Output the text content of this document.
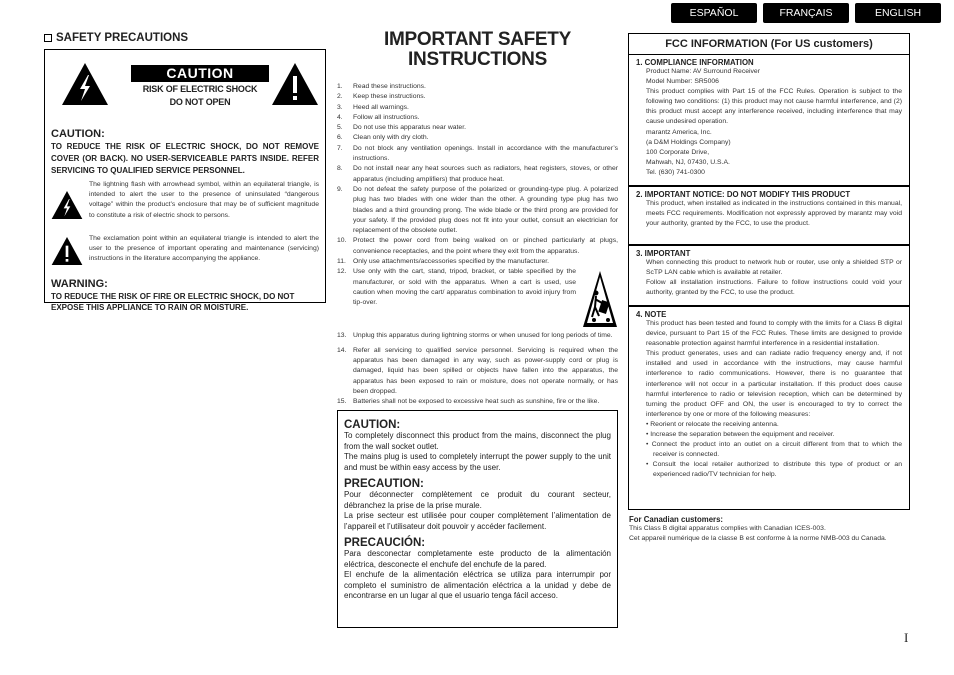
ESPAÑOL	FRANÇAIS	ENGLISH
SAFETY PRECAUTIONS
CAUTION
RISK OF ELECTRIC SHOCK
DO NOT OPEN
CAUTION:
TO REDUCE THE RISK OF ELECTRIC SHOCK, DO NOT REMOVE COVER (OR BACK). NO USER-SERVICEABLE PARTS INSIDE. REFER SERVICING TO QUALIFIED SERVICE PERSONNEL.

The lightning flash with arrowhead symbol, within an equilateral triangle, is intended to alert the user to the presence of uninsulated “dangerous voltage” within the product’s enclosure that may be of sufficient magnitude to constitute a risk of electric shock to persons.

The exclamation point within an equilateral triangle is intended to alert the user to the presence of important operating and maintenance (servicing) instructions in the literature accompanying the appliance.

WARNING:
TO REDUCE THE RISK OF FIRE OR ELECTRIC SHOCK, DO NOT EXPOSE THIS APPLIANCE TO RAIN OR MOISTURE.
IMPORTANT SAFETY
INSTRUCTIONS
1.	Read these instructions.
2.	Keep these instructions.
3.	Heed all warnings.
4.	Follow all instructions.
5.	Do not use this apparatus near water.
6.	Clean only with dry cloth.
7.	Do not block any ventilation openings. Install in accordance with the manufacturer’s instructions.
8.	Do not install near any heat sources such as radiators, heat registers, stoves, or other apparatus (including amplifiers) that produce heat.
9.	Do not defeat the safety purpose of the polarized or grounding-type plug. A polarized plug has two blades with one wider than the other. A grounding type plug has two blades and a third grounding prong. The wide blade or the third prong are provided for your safety. If the provided plug does not fit into your outlet, consult an electrician for replacement of the obsolete outlet.
10. Protect the power cord from being walked on or pinched particularly at plugs, convenience receptacles, and the point where they exit from the apparatus.
11.	Only use attachments/accessories specified by the manufacturer.
12. Use only with the cart, stand, tripod, bracket, or table specified by the manufacturer, or sold with the apparatus. When a cart is used, use caution when moving the cart/ apparatus combination to avoid injury from tip-over.
13. Unplug this apparatus during lightning storms or when unused for long periods of time.
14. Refer all servicing to qualified service personnel. Servicing is required when the apparatus has been damaged in any way, such as power-supply cord or plug is damaged, liquid has been spilled or objects have fallen into the apparatus, the apparatus has been exposed to rain or moisture, does not operate normally, or has been dropped.
15. Batteries shall not be exposed to excessive heat such as sunshine, fire or the like.
CAUTION:

To completely disconnect this product from the mains, disconnect the plug from the wall socket outlet.

The mains plug is used to completely interrupt the power supply to the unit and must be within easy access by the user.

PRECAUTION:

Pour déconnecter complètement ce produit du courant secteur, débranchez la prise de la prise murale.

La prise secteur est utilisée pour couper complètement l’alimentation de l’appareil et l’utilisateur doit pouvoir y accéder facilement.

PRECAUCIÓN:

Para desconectar completamente este producto de la alimentación eléctrica, desconecte el enchufe del enchufe de la pared.

El enchufe de la alimentación eléctrica se utiliza para interrumpir por completo el suministro de alimentación eléctrica a la unidad y debe de encontrarse en un lugar al que el usuario tenga fácil acceso.

FCC INFORMATION (For US customers)
1. COMPLIANCE INFORMATION

Product Name: AV Surround Receiver

Model Number: SR5006

This product complies with Part 15 of the FCC Rules. Operation is subject to the following two conditions: (1) this product may not cause harmful interference, and (2) this product must accept any interference received, including interference that may cause undesired operation.

marantz America, Inc.

(a D&M Holdings Company)

100 Corporate Drive,

Mahwah, NJ, 07430, U.S.A.

Tel. (630) 741-0300

2. IMPORTANT NOTICE: DO NOT MODIFY THIS PRODUCT

This product, when installed as indicated in the instructions contained in this manual, meets FCC requirements. Modification not expressly approved by marantz may void your authority, granted by the FCC, to use the product.

3. IMPORTANT

When connecting this product to network hub or router, use only a shielded STP or ScTP LAN cable which is available at retailer.

Follow all installation instructions. Failure to follow instructions could void your authority, granted by the FCC, to use the product.

4. NOTE

This product has been tested and found to comply with the limits for a Class B digital device, pursuant to Part 15 of the FCC Rules. These limits are designed to provide reasonable protection against harmful interference in a residential installation.

This product generates, uses and can radiate radio frequency energy and, if not installed and used in accordance with the instructions, may cause harmful interference to radio communications. However, there is no guarantee that interference will not occur in a particular installation. If this product does cause harmful interference to radio or television reception, which can be determined by turning the product OFF and ON, the user is encouraged to try to correct the interference by one or more of the following measures:

• Reorient or relocate the receiving antenna.
• Increase the separation between the equipment and receiver.
• Connect the product into an outlet on a circuit different from that to which the receiver is connected.
• Consult the local retailer authorized to distribute this type of product or an experienced radio/TV technician for help.
For Canadian customers:

This Class B digital apparatus complies with Canadian ICES-003.

Cet appareil numérique de la classe B est conforme à la norme NMB-003 du Canada.

I
